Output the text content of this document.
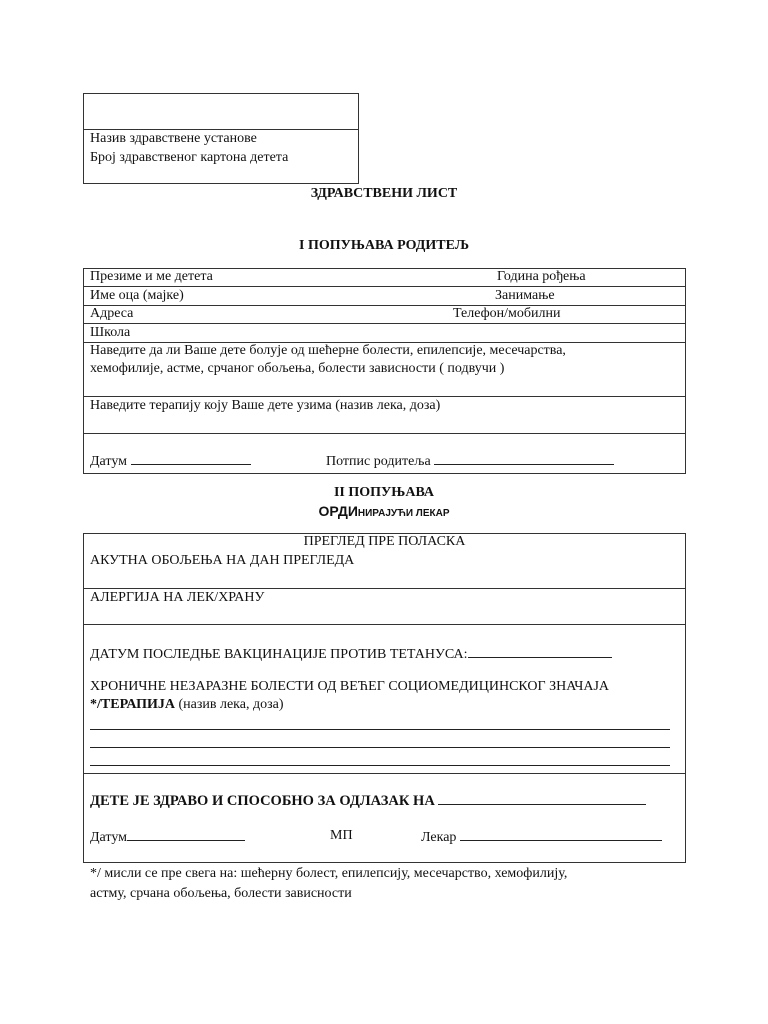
Назив здравствене установе
Број здравственог картона детета
ЗДРАВСТВЕНИ ЛИСТ
I ПОПУЊАВА РОДИТЕЉ
Презиме и ме детета	Година рођења
Име оца (мајке)	Занимање
Адреса	Телефон/мобилни
Школа
Наведите да ли Ваше дете болује од шећерне болести, епилепсије, месечарства,
хемофилије, астме, срчаног обољења, болести зависности ( подвучи )
Наведите терапију коју Ваше дете узима (назив лека, доза)
Датум	Потпис родитеља
II ПОПУЊАВА
ОРДИНИРАЈУЋИ ЛЕКАР
ПРЕГЛЕД ПРЕ ПОЛАСКА
АКУТНА ОБОЉЕЊА НА ДАН ПРЕГЛЕДА
АЛЕРГИЈА НА ЛЕК/ХРАНУ
ДАТУМ ПОСЛЕДЊЕ ВАКЦИНАЦИЈЕ ПРОТИВ ТЕТАНУСА:
ХРОНИЧНЕ НЕЗАРАЗНЕ БОЛЕСТИ ОД ВЕЋЕГ СОЦИОМЕДИЦИНСКОГ ЗНАЧАЈА
*/ТЕРАПИЈА (назив лека, доза)
ДЕТЕ ЈЕ ЗДРАВО И СПОСОБНО ЗА ОДЛАЗАК НА
Датум	МП	Лекар
*/ мисли се пре свега на: шећерну болест, епилепсију, месечарство, хемофилију,
астму, срчана обољења, болести зависности
